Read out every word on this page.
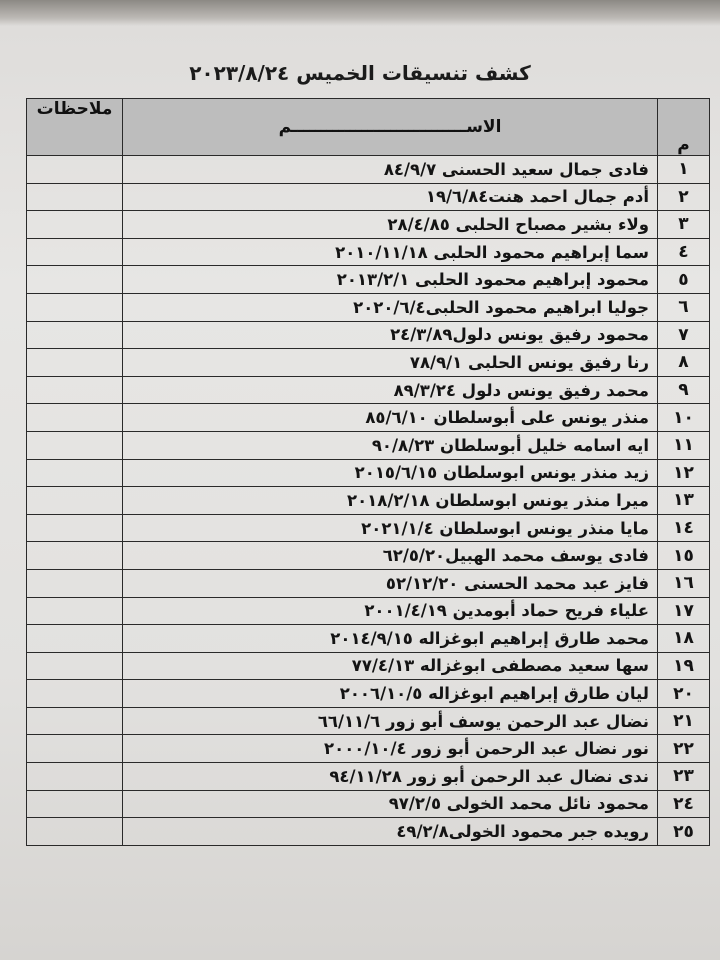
كشف تنسيقات الخميس ٢٠٢٣/٨/٢٤
م	الاســــــــــــــــــــــــــــــم	ملاحظات
١	فادى جمال سعيد الحسنى ٨٤/٩/٧	
٢	أدم جمال احمد هنت١٩/٦/٨٤	
٣	ولاء بشير مصباح الحلبى ٢٨/٤/٨٥	
٤	سما إبراهيم محمود الحلبى ٢٠١٠/١١/١٨	
٥	محمود إبراهيم محمود الحلبى ٢٠١٣/٢/١	
٦	جوليا ابراهيم محمود الحلبى٢٠٢٠/٦/٤	
٧	محمود رفيق يونس دلول٢٤/٣/٨٩	
٨	رنا رفيق يونس الحلبى ٧٨/٩/١	
٩	محمد رفيق يونس دلول ٨٩/٣/٢٤	
١٠	منذر يونس على أبوسلطان ٨٥/٦/١٠	
١١	ايه اسامه خليل أبوسلطان ٩٠/٨/٢٣	
١٢	زيد منذر يونس ابوسلطان ٢٠١٥/٦/١٥	
١٣	ميرا منذر يونس ابوسلطان ٢٠١٨/٢/١٨	
١٤	مايا منذر يونس ابوسلطان ٢٠٢١/١/٤	
١٥	فادى يوسف محمد الهبيل٦٢/٥/٢٠	
١٦	فايز عبد محمد الحسنى ٥٢/١٢/٢٠	
١٧	علياء فريح حماد أبومدين ٢٠٠١/٤/١٩	
١٨	محمد طارق إبراهيم ابوغزاله ٢٠١٤/٩/١٥	
١٩	سها سعيد مصطفى ابوغزاله ٧٧/٤/١٣	
٢٠	ليان طارق إبراهيم ابوغزاله ٢٠٠٦/١٠/٥	
٢١	نضال عبد الرحمن يوسف أبو زور ٦٦/١١/٦	
٢٢	نور نضال عبد الرحمن أبو زور ٢٠٠٠/١٠/٤	
٢٣	ندى نضال عبد الرحمن أبو زور ٩٤/١١/٢٨	
٢٤	محمود نائل محمد الخولى ٩٧/٢/٥	
٢٥	رويده جبر محمود الخولى٤٩/٢/٨	
